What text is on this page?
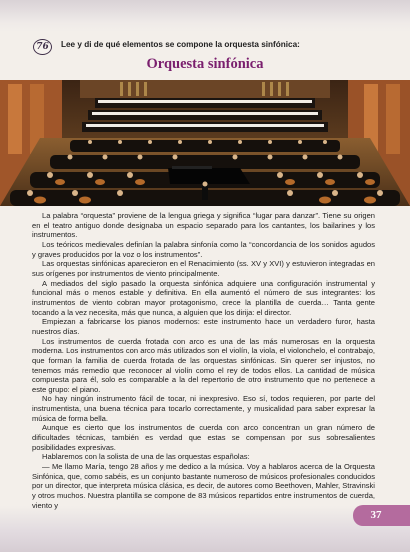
76	Lee y di de qué elementos se compone la orquesta sinfónica:
Orquesta sinfónica

La palabra “orquesta” proviene de la lengua griega y significa “lugar para danzar”. Tiene su origen en el teatro antiguo donde designaba un espacio separado para los cantantes, los bailarines y los instrumentos.

Los teóricos medievales definían la palabra sinfonía como la “concordancia de los sonidos agudos y graves producidos por la voz o los instrumentos”.

Las orquestas sinfónicas aparecieron en el Renacimiento (ss. XV y XVI) y estuvieron integradas en sus orígenes por instrumentos de viento principalmente.

A mediados del siglo pasado la orquesta sinfónica adquiere una configuración instrumental y funcional más o menos estable y definitiva. En ella aumentó el número de sus integrantes: los instrumentos de viento cobran mayor protagonismo, crece la plantilla de cuerda… Tanta gente tocando a la vez necesita, más que nunca, a alguien que los dirija: el director.

Empiezan a fabricarse los pianos modernos: este instrumento hace un verdadero furor, hasta nuestros días.

Los instrumentos de cuerda frotada con arco es una de las más numerosas en la orquesta moderna. Los instrumentos con arco más utilizados son el violín, la viola, el violonchelo, el contrabajo, que forman la familia de cuerda frotada de las orquestas sinfónicas. Sin querer ser injustos, no tenemos más remedio que reconocer al violín como el rey de todos ellos. La cantidad de música compuesta para él, solo es comparable a la del repertorio de otro instrumento que no pertenece a este grupo: el piano.

No hay ningún instrumento fácil de tocar, ni inexpresivo. Eso sí, todos requieren, por parte del instrumentista, una buena técnica para tocarlo correctamente, y musicalidad para saber expresar la música de forma bella.

Aunque es cierto que los instrumentos de cuerda con arco concentran un gran número de dificultades técnicas, también es verdad que estas se compensan por sus sobresalientes posibilidades expresivas.

Hablaremos con la solista de una de las orquestas españolas:

— Me llamo María, tengo 28 años y me dedico a la música. Voy a hablaros acerca de la Orquesta Sinfónica, que, como sabéis, es un conjunto bastante numeroso de músicos profesionales conducidos por un director, que interpreta música clásica, es decir, de autores como Beethoven, Mahler, Stravinski y otros muchos. Nuestra plantilla se compone de 83 músicos repartidos entre instrumentos de cuerda, viento y

37
